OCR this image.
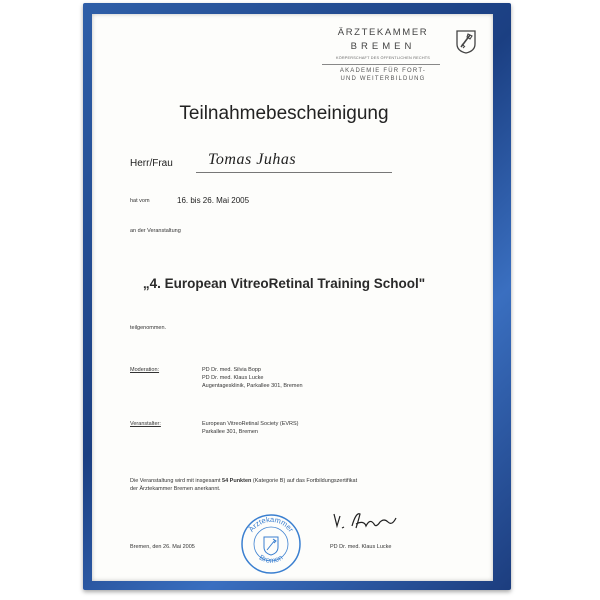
ÄRZTEKAMMER
BREMEN
KÖRPERSCHAFT DES ÖFFENTLICHEN RECHTS
AKADEMIE FÜR FORT-
UND WEITERBILDUNG
Teilnahmebescheinigung
Herr/Frau Tomas Juhas
hat vom	16. bis 26. Mai 2005
an der Veranstaltung
„4. European VitreoRetinal Training School"
teilgenommen.
Moderation:	PD Dr. med. Silvia Bopp
PD Dr. med. Klaus Lucke
Augentagesklinik, Parkallee 301, Bremen
Veranstalter:	European VitreoRetinal Society (EVRS)
Parkallee 301, Bremen
Die Veranstaltung wird mit insgesamt 54 Punkten (Kategorie B) auf das Fortbildungszertifikat
der Ärztekammer Bremen anerkannt.
Ärztekammer
Bremen
Bremen, den 26. Mai 2005	PD Dr. med. Klaus Lucke
